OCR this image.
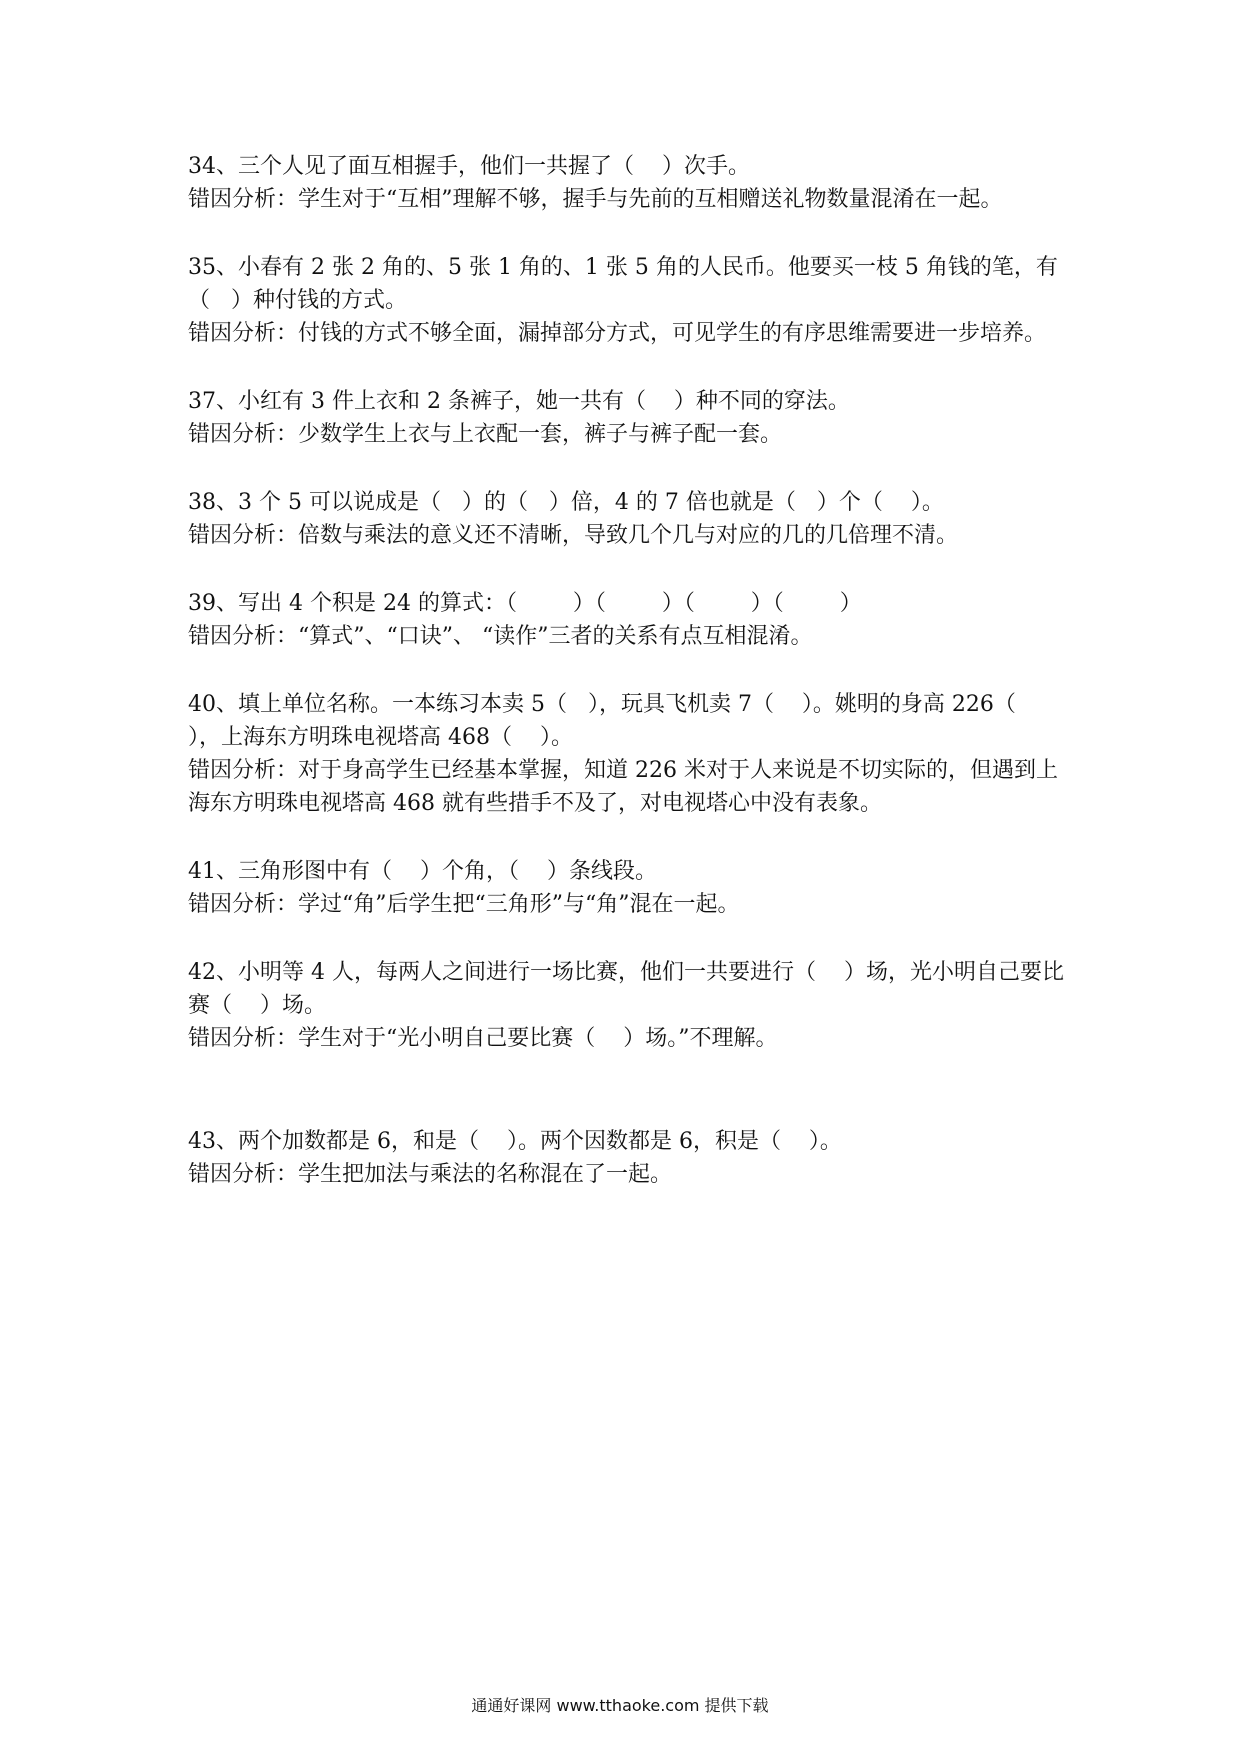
34、三个人见了面互相握手，他们一共握了（    ）次手。

错因分析：学生对于“互相”理解不够，握手与先前的互相赠送礼物数量混淆在一起。

35、小春有 2 张 2 角的、5 张 1 角的、1 张 5 角的人民币。他要买一枝 5 角钱的笔，有（   ）种付钱的方式。

错因分析：付钱的方式不够全面，漏掉部分方式，可见学生的有序思维需要进一步培养。

37、小红有 3 件上衣和 2 条裤子，她一共有（    ）种不同的穿法。

错因分析：少数学生上衣与上衣配一套，裤子与裤子配一套。

38、3 个 5 可以说成是（   ）的（   ）倍，4 的 7 倍也就是（   ）个（    ）。

错因分析：倍数与乘法的意义还不清晰，导致几个几与对应的几的几倍理不清。

39、写出 4 个积是 24 的算式：（        ）（        ）（        ）（        ）

错因分析：“算式”、“口诀”、 “读作”三者的关系有点互相混淆。

40、填上单位名称。一本练习本卖 5（   ），玩具飞机卖 7（    ）。姚明的身高 226（    ），上海东方明珠电视塔高 468（    ）。

错因分析：对于身高学生已经基本掌握，知道 226 米对于人来说是不切实际的，但遇到上海东方明珠电视塔高 468 就有些措手不及了，对电视塔心中没有表象。

41、三角形图中有（    ）个角，（    ）条线段。

错因分析：学过“角”后学生把“三角形”与“角”混在一起。

42、小明等 4 人，每两人之间进行一场比赛，他们一共要进行（    ）场，光小明自己要比赛（    ）场。

错因分析：学生对于“光小明自己要比赛（    ）场。”不理解。

43、两个加数都是 6，和是（    ）。两个因数都是 6，积是（    ）。

错因分析：学生把加法与乘法的名称混在了一起。

通通好课网 www.tthaoke.com 提供下载
